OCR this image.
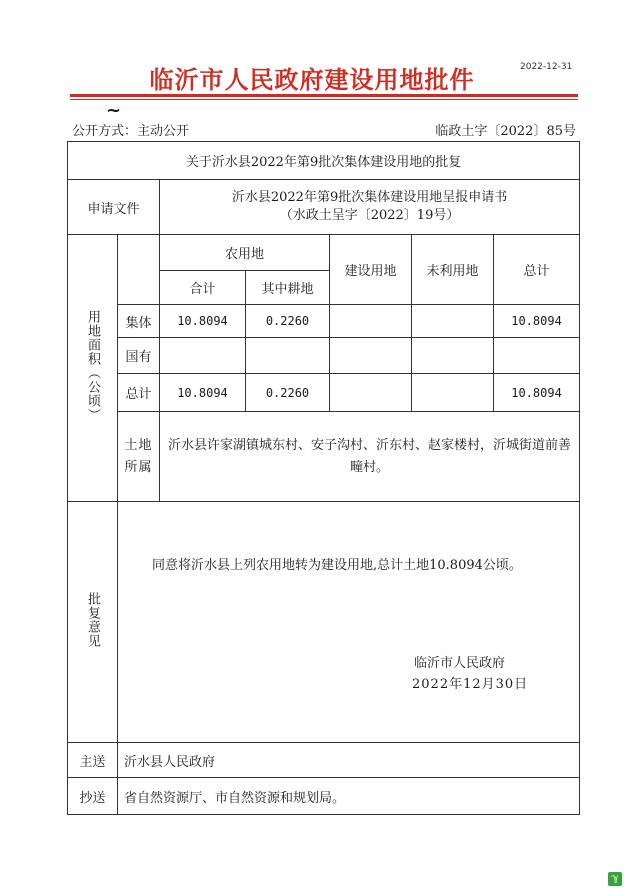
2022-12-31
临沂市人民政府建设用地批件
~
公开方式：主动公开	临政土字〔2022〕85号
关于沂水县2022年第9批次集体建设用地的批复						
申请文件		沂水县2022年第9批次集体建设用地呈报申请书
（水政土呈字〔2022〕19号）				

用地面积（公顷）		农用地		建设用地	未利用地	总计
		合计	其中耕地			
	集体	10.8094	0.2260			10.8094
	国有					
	总计	10.8094	0.2260			10.8094
	土地所属	沂水县许家湖镇城东村、安子沟村、沂东村、赵家楼村，沂城街道前善疃村。				
批复意见	同意将沂水县上列农用地转为建设用地,总计土地10.8094公顷。
临沂市人民政府
2022年12月30日					

主送	沂水县人民政府					
抄送	省自然资源厅、市自然资源和规划局。					
ℽ
